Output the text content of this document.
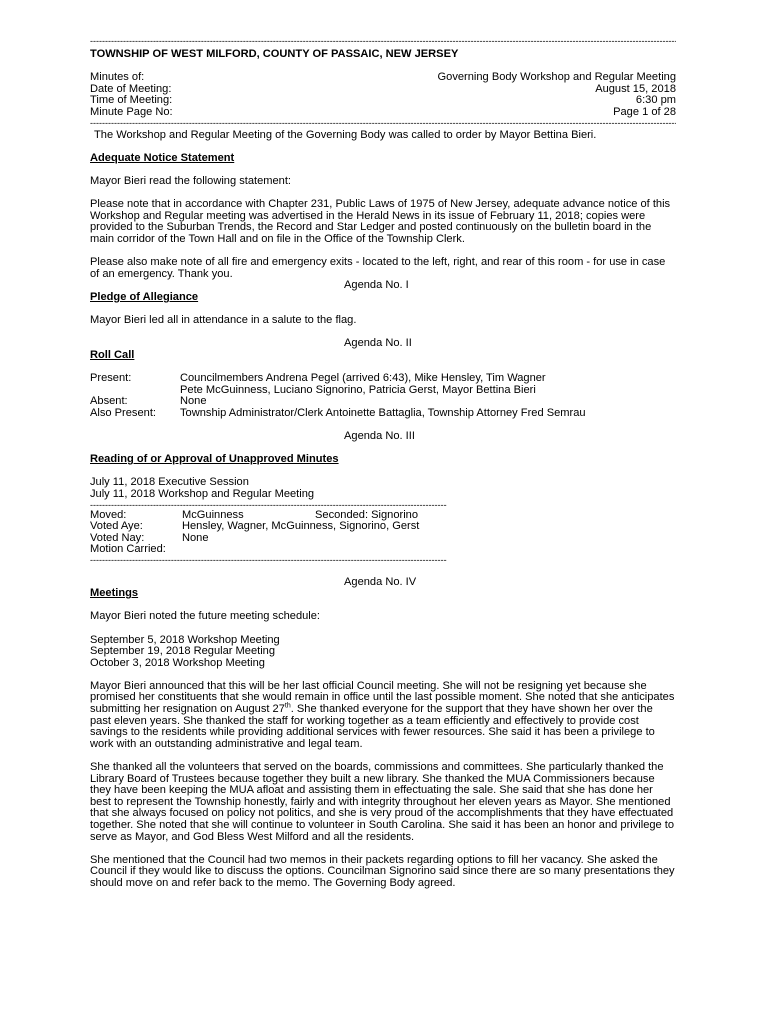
-----
TOWNSHIP OF WEST MILFORD, COUNTY OF PASSAIC, NEW JERSEY
Minutes of:	Governing Body Workshop and Regular Meeting
Date of Meeting:	August 15, 2018
Time of Meeting:	6:30 pm
Minute Page No:	Page 1 of 28
-----

The Workshop and Regular Meeting of the Governing Body was called to order by Mayor Bettina Bieri.

Adequate Notice Statement

Mayor Bieri read the following statement:

Please note that in accordance with Chapter 231, Public Laws of 1975 of New Jersey, adequate advance notice of this Workshop and Regular meeting was advertised in the Herald News in its issue of February 11, 2018; copies were provided to the Suburban Trends, the Record and Star Ledger and posted continuously on the bulletin board in the main corridor of the Town Hall and on file in the Office of the Township Clerk.

Please also make note of all fire and emergency exits - located to the left, right, and rear of this room - for use in case of an emergency. Thank you.

Agenda No. I
Pledge of Allegiance

Mayor Bieri led all in attendance in a salute to the flag.

Agenda No. II
Roll Call
Present:	Councilmembers Andrena Pegel (arrived 6:43), Mike Hensley, Tim Wagner
Pete McGuinness, Luciano Signorino, Patricia Gerst, Mayor Bettina Bieri
Absent:	None
Also Present:	Township Administrator/Clerk Antoinette Battaglia, Township Attorney Fred Semrau
Agenda No. III
Reading of or Approval of Unapproved Minutes

July 11, 2018 Executive Session

July 11, 2018 Workshop and Regular Meeting

-----
Moved:	McGuinness	Seconded: Signorino
Voted Aye:	Hensley, Wagner, McGuinness, Signorino, Gerst
Voted Nay:	None
Motion Carried:
-----
Agenda No. IV
Meetings

Mayor Bieri noted the future meeting schedule:

September 5, 2018 Workshop Meeting

September 19, 2018 Regular Meeting

October 3, 2018 Workshop Meeting

Mayor Bieri announced that this will be her last official Council meeting. She will not be resigning yet because she promised her constituents that she would remain in office until the last possible moment. She noted that she anticipates submitting her resignation on August 27th. She thanked everyone for the support that they have shown her over the past eleven years. She thanked the staff for working together as a team efficiently and effectively to provide cost savings to the residents while providing additional services with fewer resources. She said it has been a privilege to work with an outstanding administrative and legal team.

She thanked all the volunteers that served on the boards, commissions and committees. She particularly thanked the Library Board of Trustees because together they built a new library. She thanked the MUA Commissioners because they have been keeping the MUA afloat and assisting them in effectuating the sale. She said that she has done her best to represent the Township honestly, fairly and with integrity throughout her eleven years as Mayor. She mentioned that she always focused on policy not politics, and she is very proud of the accomplishments that they have effectuated together. She noted that she will continue to volunteer in South Carolina. She said it has been an honor and privilege to serve as Mayor, and God Bless West Milford and all the residents.

She mentioned that the Council had two memos in their packets regarding options to fill her vacancy. She asked the Council if they would like to discuss the options. Councilman Signorino said since there are so many presentations they should move on and refer back to the memo. The Governing Body agreed.
